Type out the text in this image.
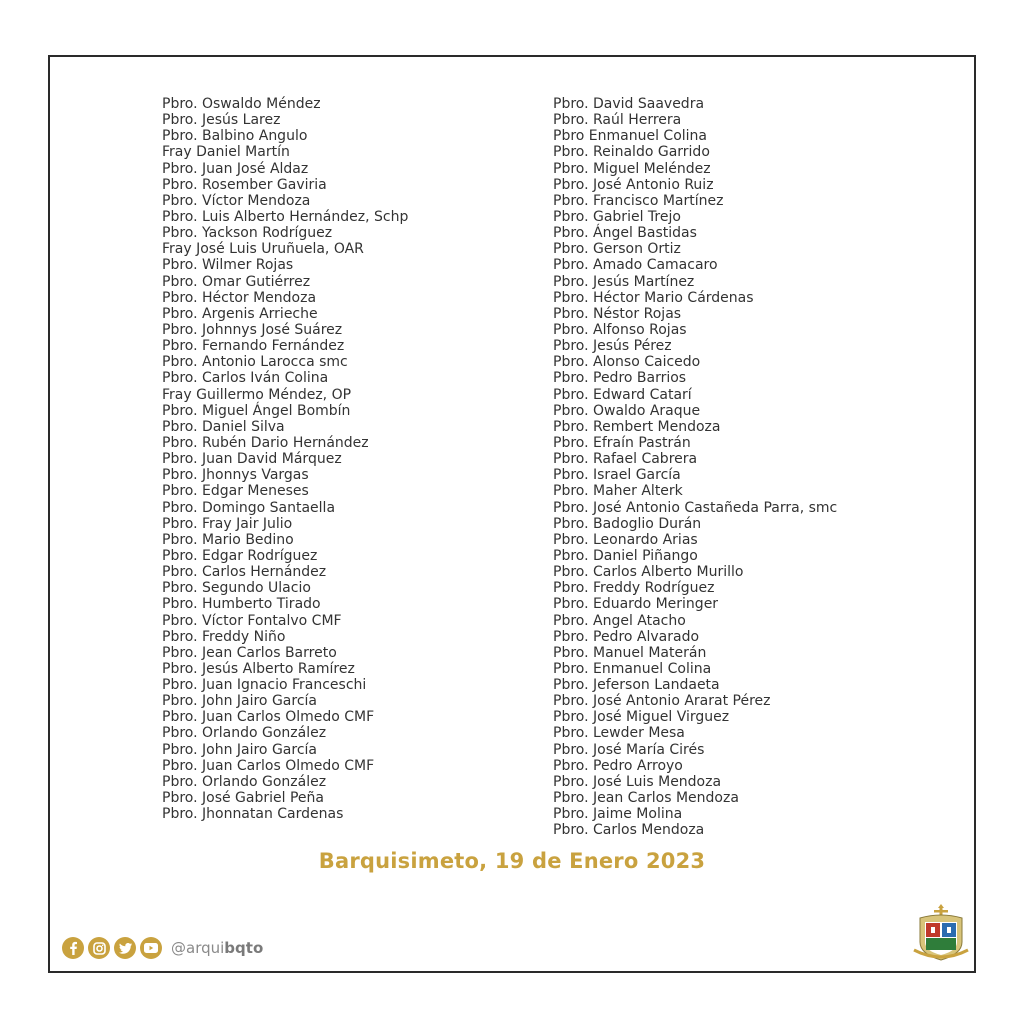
Pbro. Oswaldo Méndez
Pbro. Jesús Larez
Pbro. Balbino Angulo
Fray Daniel Martín
Pbro. Juan José Aldaz
Pbro. Rosember Gaviria
Pbro. Víctor Mendoza
Pbro. Luis Alberto Hernández, Schp
Pbro. Yackson Rodríguez
Fray José Luis Uruñuela, OAR
Pbro. Wilmer Rojas
Pbro. Omar Gutiérrez
Pbro. Héctor Mendoza
Pbro. Argenis Arrieche
Pbro. Johnnys José Suárez
Pbro. Fernando Fernández
Pbro. Antonio Larocca smc
Pbro. Carlos Iván Colina
Fray Guillermo Méndez, OP
Pbro. Miguel Ángel Bombín
Pbro. Daniel Silva
Pbro. Rubén Dario Hernández
Pbro. Juan David Márquez
Pbro. Jhonnys Vargas
Pbro. Edgar Meneses
Pbro. Domingo Santaella
Pbro. Fray Jair Julio
Pbro. Mario Bedino
Pbro. Edgar Rodríguez
Pbro. Carlos Hernández
Pbro. Segundo Ulacio
Pbro. Humberto Tirado
Pbro. Víctor Fontalvo CMF
Pbro. Freddy Niño
Pbro. Jean Carlos Barreto
Pbro. Jesús Alberto Ramírez
Pbro. Juan Ignacio Franceschi
Pbro. John Jairo García
Pbro. Juan Carlos Olmedo CMF
Pbro. Orlando González
Pbro. John Jairo García
Pbro. Juan Carlos Olmedo CMF
Pbro. Orlando González
Pbro. José Gabriel Peña
Pbro. Jhonnatan Cardenas
Pbro. David Saavedra
Pbro. Raúl Herrera
Pbro Enmanuel Colina
Pbro. Reinaldo Garrido
Pbro. Miguel Meléndez
Pbro. José Antonio Ruiz
Pbro. Francisco Martínez
Pbro. Gabriel Trejo
Pbro. Ángel Bastidas
Pbro. Gerson Ortiz
Pbro. Amado Camacaro
Pbro. Jesús Martínez
Pbro. Héctor Mario Cárdenas
Pbro. Néstor Rojas
Pbro. Alfonso Rojas
Pbro. Jesús Pérez
Pbro. Alonso Caicedo
Pbro. Pedro Barrios
Pbro. Edward Catarí
Pbro. Owaldo Araque
Pbro. Rembert Mendoza
Pbro. Efraín Pastrán
Pbro. Rafael Cabrera
Pbro. Israel García
Pbro. Maher Alterk
Pbro. José Antonio Castañeda Parra, smc
Pbro. Badoglio Durán
Pbro. Leonardo Arias
Pbro. Daniel Piñango
Pbro. Carlos Alberto Murillo
Pbro. Freddy Rodríguez
Pbro. Eduardo Meringer
Pbro. Angel Atacho
Pbro. Pedro Alvarado
Pbro. Manuel Materán
Pbro. Enmanuel Colina
Pbro. Jeferson Landaeta
Pbro. José Antonio Ararat Pérez
Pbro. José Miguel Virguez
Pbro. Lewder Mesa
Pbro. José María Cirés
Pbro. Pedro Arroyo
Pbro. José Luis Mendoza
Pbro. Jean Carlos Mendoza
Pbro. Jaime Molina
Pbro. Carlos Mendoza
Barquisimeto, 19 de Enero 2023
@arquibqto
